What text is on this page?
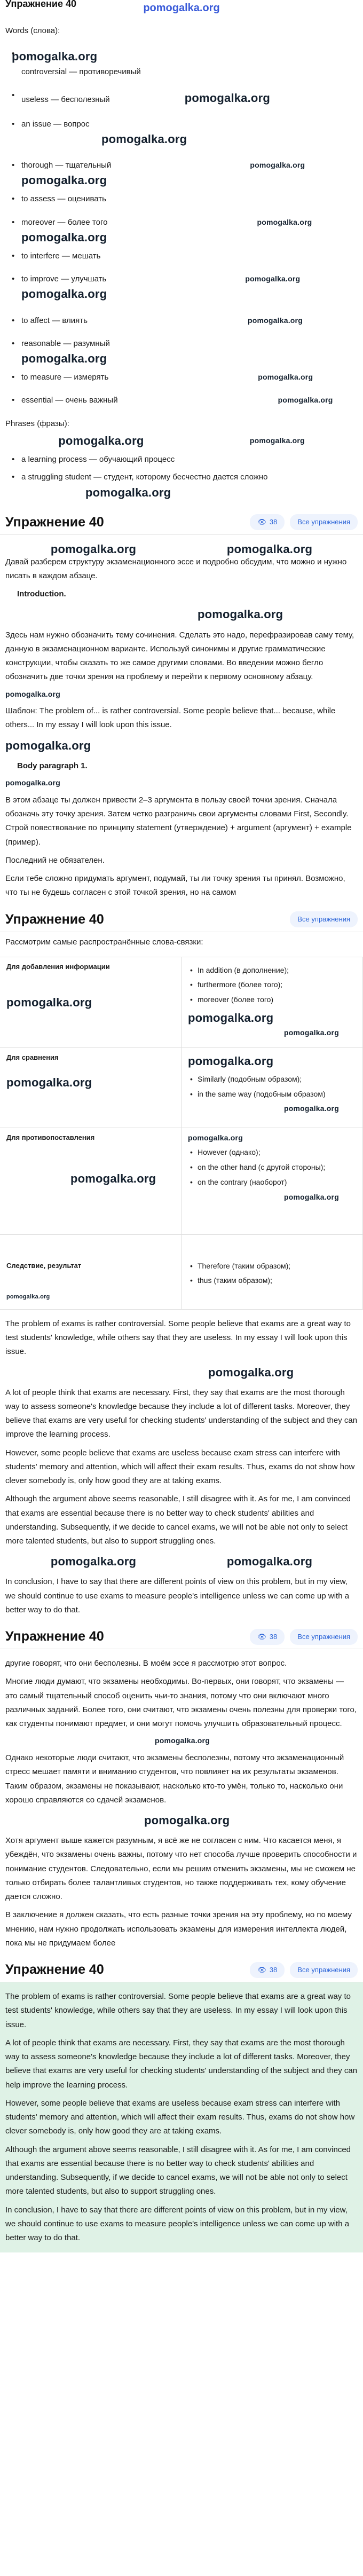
pomogalka.org
Упражнение 40
Words (слова):
• pomogalka.org
controversial — противоречивый
• useless — бесполезный	pomogalka.org
• an issue — вопрос
pomogalka.org
• thorough — тщательный	pomogalka.org
pomogalka.org
• to assess — оценивать
• moreover — более того	pomogalka.org
pomogalka.org
• to interfere — мешать
• to improve — улучшать	pomogalka.org
pomogalka.org
• to affect — влиять	pomogalka.org
• reasonable — разумный
pomogalka.org
• to measure — измерять	pomogalka.org
• essential — очень важный	pomogalka.org
Phrases (фразы):
pomogalka.org	pomogalka.org
• a learning process — обучающий процесс
• a struggling student — студент, которому бесчестно дается сложно
pomogalka.org
Упражнение 40	👁 38	Все упражнения
pomogalka.org	pomogalka.org
Давай разберем структуру экзаменационного эссе и подробно обсудим, что можно и нужно писать в каждом абзаце.
Introduction.
pomogalka.org
Здесь нам нужно обозначить тему сочинения. Сделать это надо, перефразировав саму тему, данную в экзаменационном варианте. Используй синонимы и другие грамматические конструкции, чтобы сказать то же самое другими словами. Во введении можно бегло обозначить две точки зрения на проблему и перейти к первому основному абзацу.
pomogalka.org
Шаблон: The problem of... is rather controversial. Some people believe that... because, while others... In my essay I will look upon this issue.
pomogalka.org
Body paragraph 1.
pomogalka.org
В этом абзаце ты должен привести 2–3 аргумента в пользу своей точки зрения. Сначала обозначь эту точку зрения. Затем четко разграничь свои аргументы словами First, Secondly. Строй повествование по принципу statement (утверждение) + argument (аргумент) + example (пример).
Последний не обязателен.
Если тебе сложно придумать аргумент, подумай, ты ли точку зрения ты принял. Возможно, что ты не будешь согласен с этой точкой зрения, но на самом
Упражнение 40	Все упражнения
Рассмотрим самые распространённые слова-связки:
Для добавления информации
pomogalka.org
• In addition (в дополнение);
• furthermore (более того);
• moreover (более того)
pomogalka.org
pomogalka.org
Для сравнения
pomogalka.org
pomogalka.org
• Similarly (подобным образом);
• in the same way (подобным образом)
pomogalka.org
Для противопоставления
pomogalka.org
pomogalka.org
• However (однако);
• on the other hand (с другой стороны);
• on the contrary (наоборот)
pomogalka.org
Следствие, результат
pomogalka.org
• Therefore (таким образом);
• thus (таким образом);
The problem of exams is rather controversial. Some people believe that exams are a great way to test students' knowledge, while others say that they are useless. In my essay I will look upon this issue.
pomogalka.org
A lot of people think that exams are necessary. First, they say that exams are the most thorough way to assess someone's knowledge because they include a lot of different tasks. Moreover, they believe that exams are very useful for checking students' understanding of the subject and they can improve the learning process.
However, some people believe that exams are useless because exam stress can interfere with students' memory and attention, which will affect their exam results. Thus, exams do not show how clever somebody is, only how good they are at taking exams.
Although the argument above seems reasonable, I still disagree with it. As for me, I am convinced that exams are essential because there is no better way to check students' abilities and understanding. Subsequently, if we decide to cancel exams, we will not be able not only to select more talented students, but also to support struggling ones.
pomogalka.org	pomogalka.org
In conclusion, I have to say that there are different points of view on this problem, but in my view, we should continue to use exams to measure people's intelligence unless we can come up with a better way to do that.
Упражнение 40	👁 38	Все упражнения
другие говорят, что они бесполезны. В моём эссе я рассмотрю этот вопрос.
Многие люди думают, что экзамены необходимы. Во-первых, они говорят, что экзамены — это самый тщательный способ оценить чьи-то знания, потому что они включают много различных заданий. Более того, они считают, что экзамены очень полезны для проверки того, как студенты понимают предмет, и они могут помочь улучшить образовательный процесс.
pomogalka.org
Однако некоторые люди считают, что экзамены бесполезны, потому что экзаменационный стресс мешает памяти и вниманию студентов, что повлияет на их результаты экзаменов. Таким образом, экзамены не показывают, насколько кто-то умён, только то, насколько они хорошо справляются со сдачей экзаменов.
pomogalka.org
Хотя аргумент выше кажется разумным, я всё же не согласен с ним. Что касается меня, я убеждён, что экзамены очень важны, потому что нет способа лучше проверить способности и понимание студентов. Следовательно, если мы решим отменить экзамены, мы не сможем не только отбирать более талантливых студентов, но также поддерживать тех, кому обучение дается сложно.
В заключение я должен сказать, что есть разные точки зрения на эту проблему, но по моему мнению, нам нужно продолжать использовать экзамены для измерения интеллекта людей, пока мы не придумаем более
Упражнение 40	👁 38	Все упражнения
The problem of exams is rather controversial. Some people believe that exams are a great way to test students' knowledge, while others say that they are useless. In my essay I will look upon this issue.
A lot of people think that exams are necessary. First, they say that exams are the most thorough way to assess someone's knowledge because they include a lot of different tasks. Moreover, they believe that exams are very useful for checking students' understanding of the subject and they can help improve the learning process.
However, some people believe that exams are useless because exam stress can interfere with students' memory and attention, which will affect their exam results. Thus, exams do not show how clever somebody is, only how good they are at taking exams.
Although the argument above seems reasonable, I still disagree with it. As for me, I am convinced that exams are essential because there is no better way to check students' abilities and understanding. Subsequently, if we decide to cancel exams, we will not be able not only to select more talented students, but also to support struggling ones.
In conclusion, I have to say that there are different points of view on this problem, but in my view, we should continue to use exams to measure people's intelligence unless we can come up with a better way to do that.
